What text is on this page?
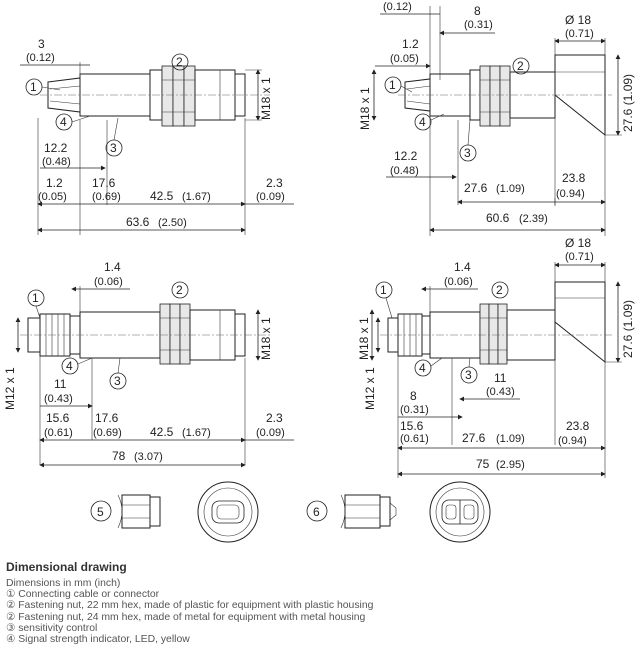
M18 x 1
3
(0.12)
1
2
4
3
12.2
(0.48)
1.2
(0.05)
17.6
(0.69) 42.5 (1.67)
2.3
(0.09)
63.6 (2.50)
(0.12)	8
(0.31)
1.2
(0.05)
Ø 18
(0.71)
M18 x 1	27.6 (1.09)
1
2
4
3
12.2
(0.48)
27.6 (1.09)
23.8
(0.94)
60.6 (2.39)
1.4
(0.06)
1
2
4
3
M18 x 1
M12 x 1	11
(0.43)
15.6
(0.61)
17.6
(0.69) 42.5 (1.67)
2.3
(0.09)
78 (3.07)
1.4
(0.06)
Ø 18
(0.71)
27.6 (1.09)
M18 x 1
M12 x 1
1	2
4	3 11
(0.43)
8
(0.31)
15.6
(0.61)	27.6 (1.09)
23.8
(0.94)
75 (2.95)
5	6
Dimensional drawing
Dimensions in mm (inch)
① Connecting cable or connector
② Fastening nut, 22 mm hex, made of plastic for equipment with plastic housing
② Fastening nut, 24 mm hex, made of metal for equipment with metal housing
③ sensitivity control
④ Signal strength indicator, LED, yellow
